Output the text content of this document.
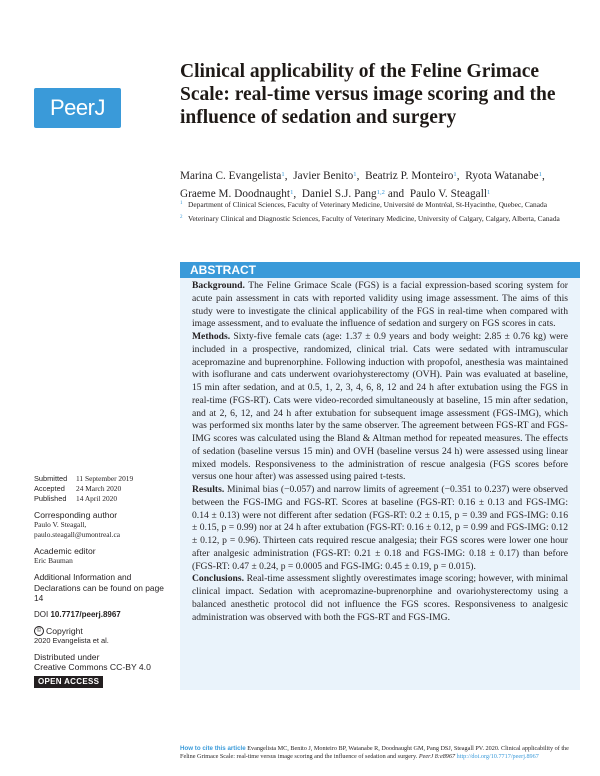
PeerJ
Clinical applicability of the Feline Grimace Scale: real-time versus image scoring and the influence of sedation and surgery

Marina C. Evangelista$^1$,  Javier Benito$^1$,  Beatriz P. Monteiro$^1$,  Ryota Watanabe$^1$, Graeme M. Doodnaught$^1$,  Daniel S.J. Pang$^{1,2}$ and  Paulo V. Steagall$^1$

1 Department of Clinical Sciences, Faculty of Veterinary Medicine, Université de Montréal, St-Hyacinthe, Quebec, Canada
2 Veterinary Clinical and Diagnostic Sciences, Faculty of Veterinary Medicine, University of Calgary, Calgary, Alberta, Canada
ABSTRACT

Background. The Feline Grimace Scale (FGS) is a facial expression-based scoring system for acute pain assessment in cats with reported validity using image assessment. The aims of this study were to investigate the clinical applicability of the FGS in real-time when compared with image assessment, and to evaluate the influence of sedation and surgery on FGS scores in cats.

Methods. Sixty-five female cats (age: 1.37 ± 0.9 years and body weight: 2.85 ± 0.76 kg) were included in a prospective, randomized, clinical trial. Cats were sedated with intramuscular acepromazine and buprenorphine. Following induction with propofol, anesthesia was maintained with isoflurane and cats underwent ovariohysterectomy (OVH). Pain was evaluated at baseline, 15 min after sedation, and at 0.5, 1, 2, 3, 4, 6, 8, 12 and 24 h after extubation using the FGS in real-time (FGS-RT). Cats were video-recorded simultaneously at baseline, 15 min after sedation, and at 2, 6, 12, and 24 h after extubation for subsequent image assessment (FGS-IMG), which was performed six months later by the same observer. The agreement between FGS-RT and FGS-IMG scores was calculated using the Bland & Altman method for repeated measures. The effects of sedation (baseline versus 15 min) and OVH (baseline versus 24 h) were assessed using linear mixed models. Responsiveness to the administration of rescue analgesia (FGS scores before versus one hour after) was assessed using paired t-tests.

Results. Minimal bias (−0.057) and narrow limits of agreement (−0.351 to 0.237) were observed between the FGS-IMG and FGS-RT. Scores at baseline (FGS-RT: 0.16 ± 0.13 and FGS-IMG: 0.14 ± 0.13) were not different after sedation (FGS-RT: 0.2 ± 0.15, p = 0.39 and FGS-IMG: 0.16 ± 0.15, p = 0.99) nor at 24 h after extubation (FGS-RT: 0.16 ± 0.12, p = 0.99 and FGS-IMG: 0.12 ± 0.12, p = 0.96). Thirteen cats required rescue analgesia; their FGS scores were lower one hour after analgesic administration (FGS-RT: 0.21 ± 0.18 and FGS-IMG: 0.18 ± 0.17) than before (FGS-RT: 0.47 ± 0.24, p = 0.0005 and FGS-IMG: 0.45 ± 0.19, p = 0.015).

Conclusions. Real-time assessment slightly overestimates image scoring; however, with minimal clinical impact. Sedation with acepromazine-buprenorphine and ovariohysterectomy using a balanced anesthetic protocol did not influence the FGS scores. Responsiveness to analgesic administration was observed with both the FGS-RT and FGS-IMG.

Submitted 11 September 2019
Accepted 24 March 2020
Published 14 April 2020
Corresponding author
Paulo V. Steagall,
paulo.steagall@umontreal.ca
Academic editor
Eric Bauman
Additional Information and Declarations can be found on page 14
DOI 10.7717/peerj.8967
© Copyright
2020 Evangelista et al.
Distributed under
Creative Commons CC-BY 4.0
OPEN ACCESS
How to cite this article Evangelista MC, Benito J, Monteiro BP, Watanabe R, Doodnaught GM, Pang DSJ, Steagall PV. 2020. Clinical applicability of the Feline Grimace Scale: real-time versus image scoring and the influence of sedation and surgery. PeerJ 8:e8967 http://doi.org/10.7717/peerj.8967
